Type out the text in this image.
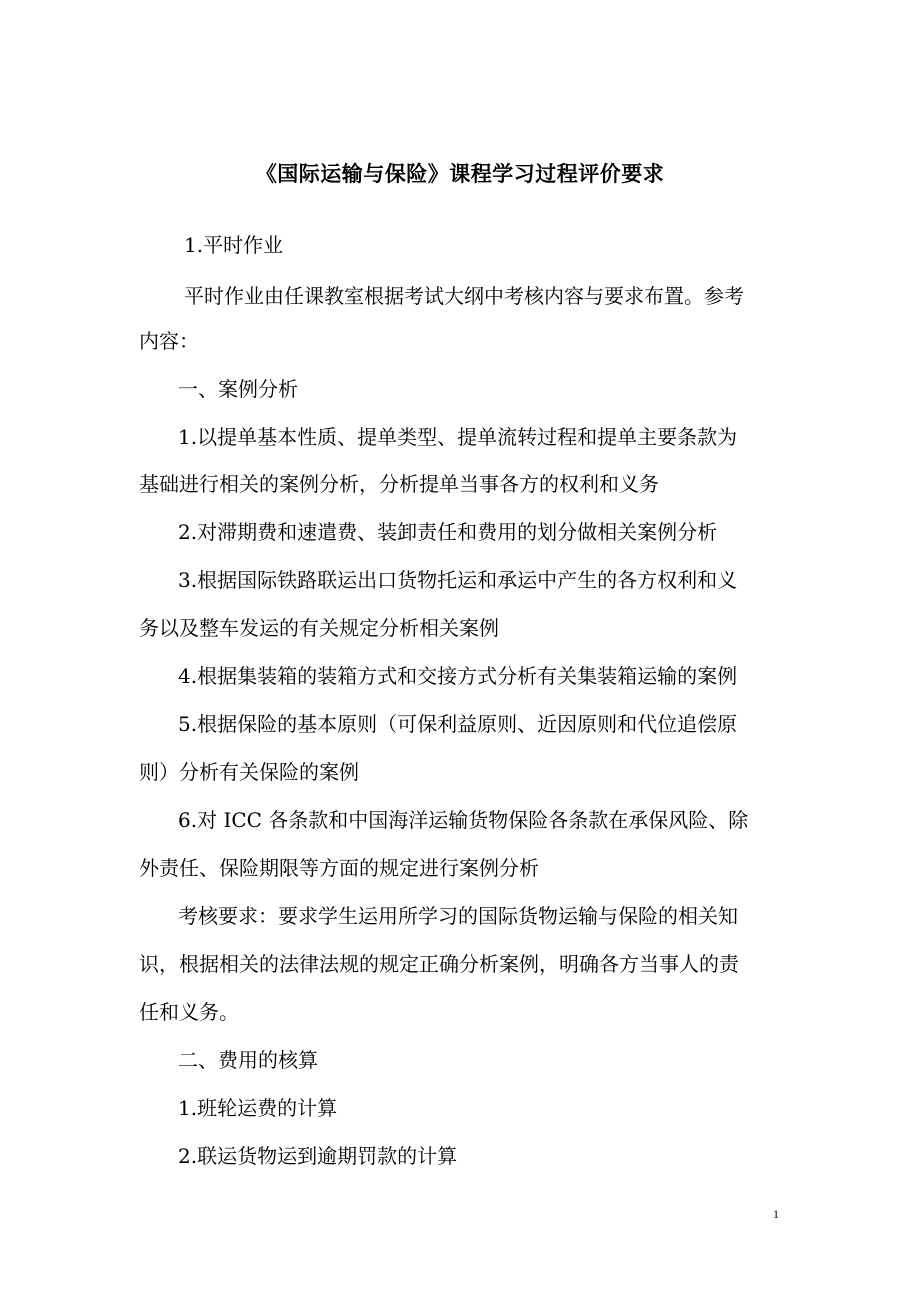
《国际运输与保险》课程学习过程评价要求
1.平时作业
平时作业由任课教室根据考试大纲中考核内容与要求布置。参考
内容：
一、案例分析
1.以提单基本性质、提单类型、提单流转过程和提单主要条款为
基础进行相关的案例分析，分析提单当事各方的权利和义务
2.对滞期费和速遣费、装卸责任和费用的划分做相关案例分析
3.根据国际铁路联运出口货物托运和承运中产生的各方权利和义
务以及整车发运的有关规定分析相关案例
4.根据集装箱的装箱方式和交接方式分析有关集装箱运输的案例
5.根据保险的基本原则（可保利益原则、近因原则和代位追偿原
则）分析有关保险的案例
6.对 ICC 各条款和中国海洋运输货物保险各条款在承保风险、除
外责任、保险期限等方面的规定进行案例分析
考核要求：要求学生运用所学习的国际货物运输与保险的相关知
识，根据相关的法律法规的规定正确分析案例，明确各方当事人的责
任和义务。
二、费用的核算
1.班轮运费的计算
2.联运货物运到逾期罚款的计算
1
